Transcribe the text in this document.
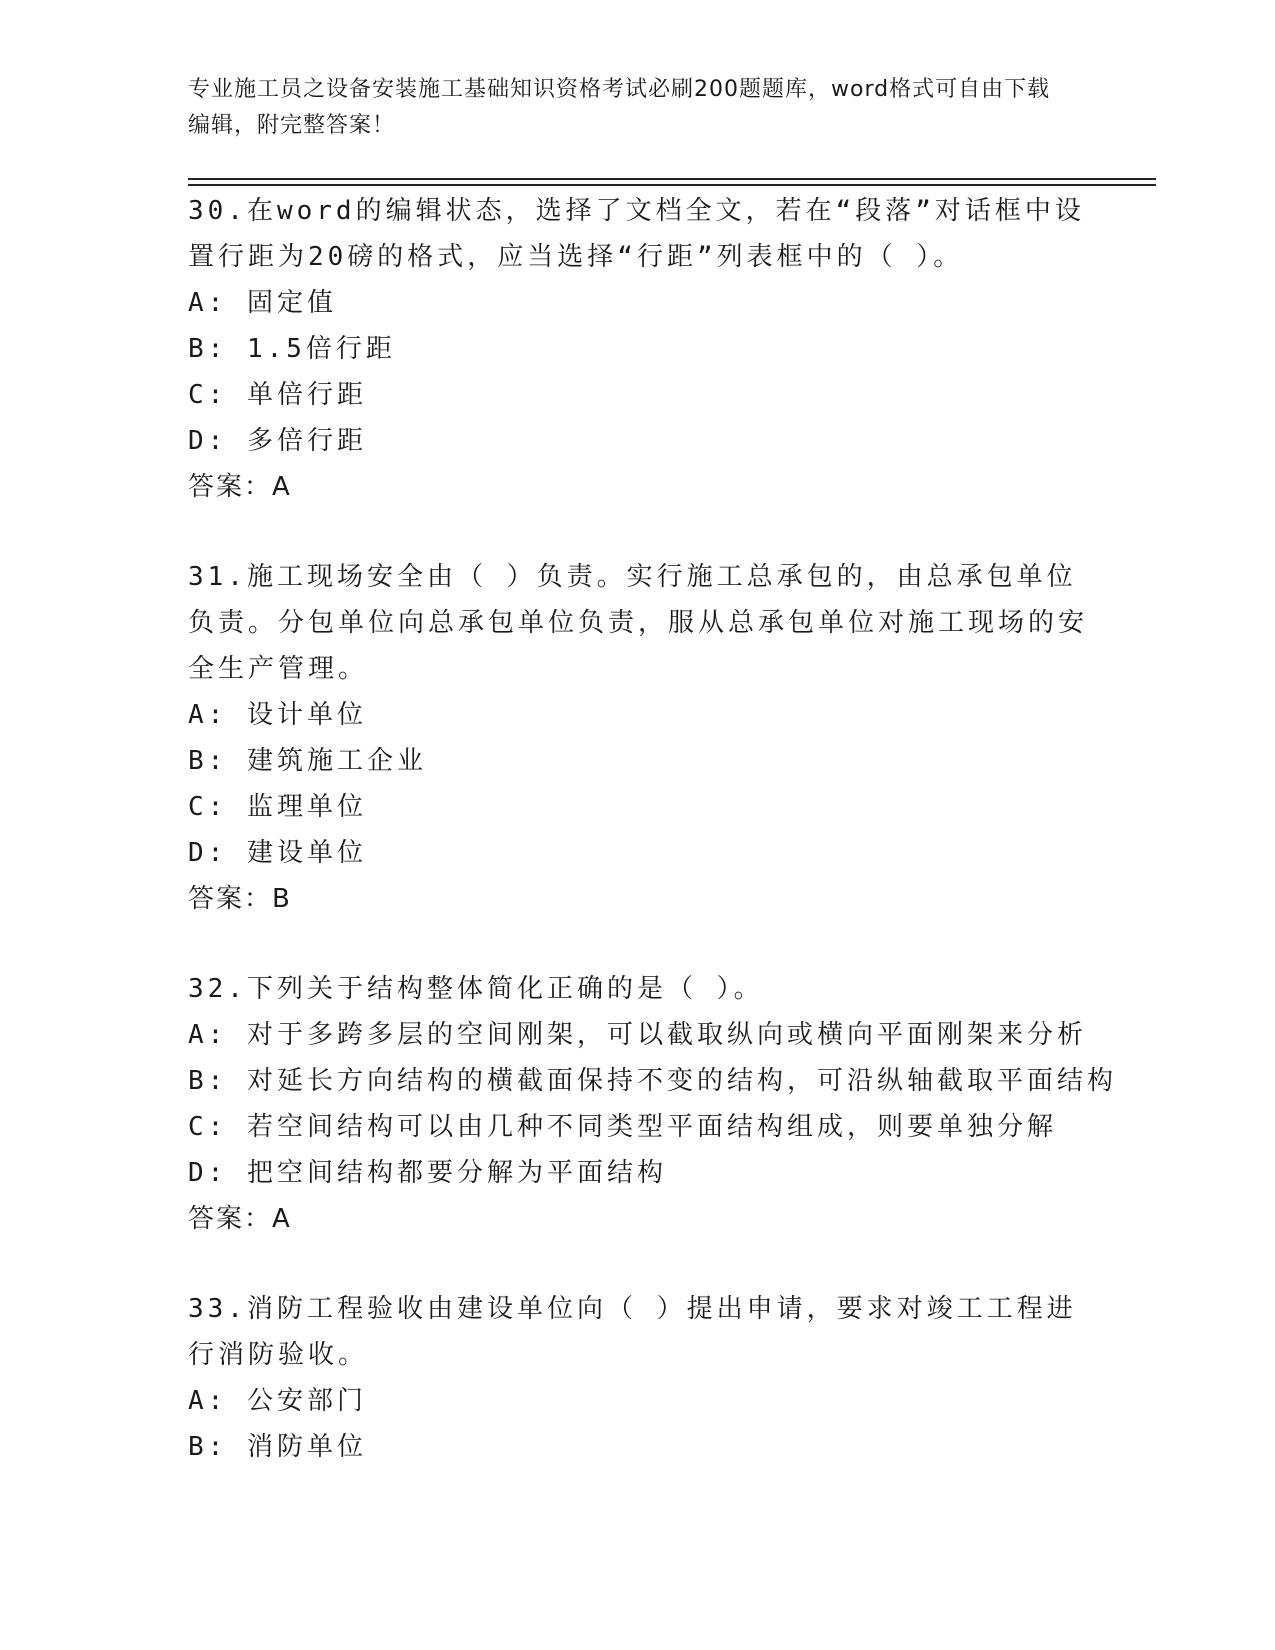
专业施工员之设备安装施工基础知识资格考试必刷200题题库，word格式可自由下载编辑，附完整答案！
30.在word的编辑状态，选择了文档全文，若在“段落”对话框中设置行距为20磅的格式，应当选择“行距”列表框中的（ ）。
A: 固定值
B: 1.5倍行距
C: 单倍行距
D: 多倍行距
答案：A
31.施工现场安全由（ ）负责。实行施工总承包的，由总承包单位负责。分包单位向总承包单位负责，服从总承包单位对施工现场的安全生产管理。
A: 设计单位
B: 建筑施工企业
C: 监理单位
D: 建设单位
答案：B
32.下列关于结构整体简化正确的是（ ）。
A: 对于多跨多层的空间刚架，可以截取纵向或横向平面刚架来分析
B: 对延长方向结构的横截面保持不变的结构，可沿纵轴截取平面结构
C: 若空间结构可以由几种不同类型平面结构组成，则要单独分解
D: 把空间结构都要分解为平面结构
答案：A
33.消防工程验收由建设单位向（ ）提出申请，要求对竣工工程进行消防验收。
A: 公安部门
B: 消防单位
